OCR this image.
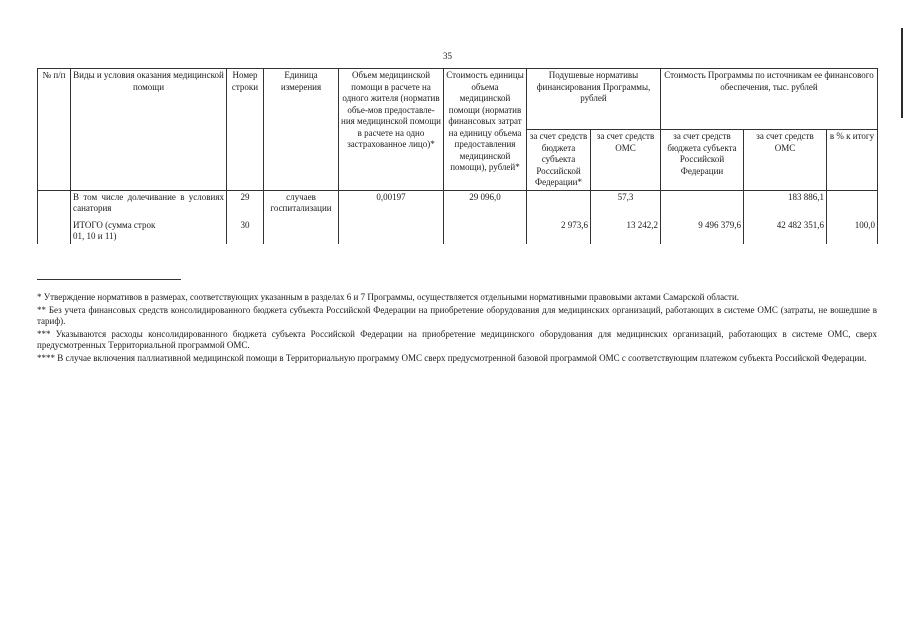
35
№ п/п	Виды и условия оказания медицинской помощи	Номер строки	Единица измерения	Объем медицинской помощи в расчете на одного жителя (норматив объе-мов предоставле-ния медицинской помощи в расчете на одно застрахованное лицо)*	Стоимость единицы объема медицинской помощи (норматив финансовых затрат на единицу объема предоставления медицинской помощи), рублей*	Подушевые нормативы финансирования Программы, рублей		Стоимость Программы по источникам ее финансового обеспечения, тыс. рублей		
						за счет средств бюджета субъекта Российской Федерации*	за счет средств ОМС	за счет средств бюджета субъекта Российской Федерации	за счет средств ОМС	в % к итогу
	В том числе долечивание в условиях санатория	29	случаев госпитализации	0,00197	29 096,0		57,3		183 886,1	
	ИТОГО (сумма строк 01, 10 и 11)	30				2 973,6	13 242,2	9 496 379,6	42 482 351,6	100,0

* Утверждение нормативов в размерах, соответствующих указанным в разделах 6 и 7 Программы, осуществляется отдельными нормативными правовыми актами Самарской области.

** Без учета финансовых средств консолидированного бюджета субъекта Российской Федерации на приобретение оборудования для медицинских организаций, работающих в системе ОМС (затраты, не вошедшие в тариф).

*** Указываются расходы консолидированного бюджета субъекта Российской Федерации на приобретение медицинского оборудования для медицинских организаций, работающих в системе ОМС, сверх предусмотренных Территориальной программой ОМС.

**** В случае включения паллиативной медицинской помощи в Территориальную программу ОМС сверх предусмотренной базовой программой ОМС с соответствующим платежом субъекта Российской Федерации.
